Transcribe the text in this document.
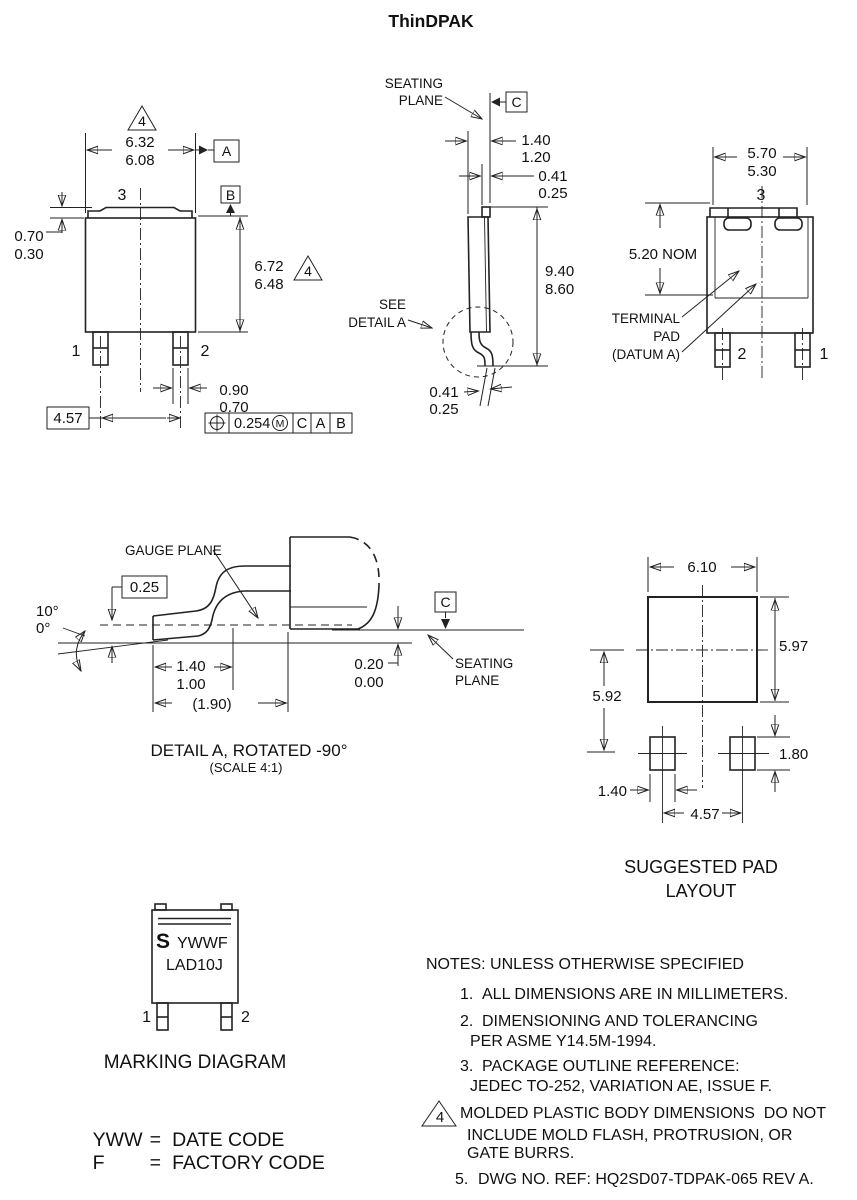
ThinDPAK
6.32
6.08
4
A
B
6.72
6.48
4
0.70
0.30
1	2
3
0.90
0.70
4.57	0.254 M C A B
SEATING
PLANE	C
1.40
1.20
0.41
0.25
9.40
8.60
SEE
DETAIL A
0.41
0.25
3
5.70
5.30
5.20 NOM
TERMINAL
PAD
(DATUM A)	2	1
GAUGE PLANE
0.25
10°
0°
1.40
1.00
(1.90)
0.20
0.00
C
SEATING
PLANE
DETAIL A, ROTATED -90°
(SCALE 4:1)
6.10
5.97
5.92
1.80
1.40
4.57
SUGGESTED PAD
LAYOUT
S YWWF
LAD10J
1	2
MARKING DIAGRAM
4
NOTES: UNLESS OTHERWISE SPECIFIED
1. ALL DIMENSIONS ARE IN MILLIMETERS.
2. DIMENSIONING AND TOLERANCING
PER ASME Y14.5M-1994.
3. PACKAGE OUTLINE REFERENCE:
JEDEC TO-252, VARIATION AE, ISSUE F.
MOLDED PLASTIC BODY DIMENSIONS  DO NOT
INCLUDE MOLD FLASH, PROTRUSION, OR
GATE BURRS.
5. DWG NO. REF: HQ2SD07-TDPAK-065 REV A.

YWW = DATE CODE

F = FACTORY CODE
